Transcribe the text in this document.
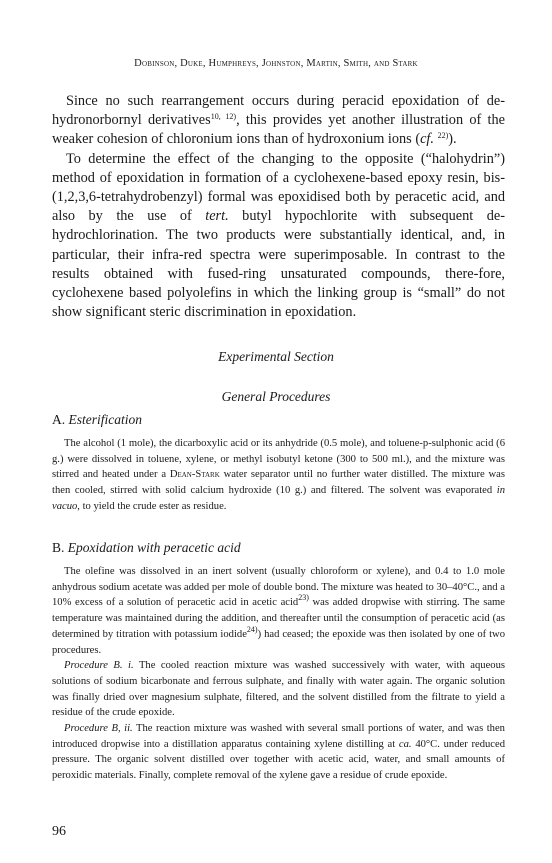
Dobinson, Duke, Humphreys, Johnston, Martin, Smith, and Stark

Since no such rearrangement occurs during peracid epoxidation of de-hydronorbornyl derivatives$^{10, 12)}$, this provides yet another illustration of the weaker cohesion of chloronium ions than of hydroxonium ions (cf. $^{22)}$).

To determine the effect of the changing to the opposite (“halohydrin”) method of epoxidation in formation of a cyclohexene-based epoxy resin, bis-(1,2,3,6-tetrahydrobenzyl) formal was epoxidised both by peracetic acid, and also by the use of tert. butyl hypochlorite with subsequent de-hydrochlorination. The two products were substantially identical, and, in particular, their infra-red spectra were superimposable. In contrast to the results obtained with fused-ring unsaturated compounds, there-fore, cyclohexene based polyolefins in which the linking group is “small” do not show significant steric discrimination in epoxidation.

Experimental Section
General Procedures
A. Esterification

The alcohol (1 mole), the dicarboxylic acid or its anhydride (0.5 mole), and toluene-p-sulphonic acid (6 g.) were dissolved in toluene, xylene, or methyl isobutyl ketone (300 to 500 ml.), and the mixture was stirred and heated under a Dean-Stark water separator until no further water distilled. The mixture was then cooled, stirred with solid calcium hydroxide (10 g.) and filtered. The solvent was evaporated in vacuo, to yield the crude ester as residue.

B. Epoxidation with peracetic acid

The olefine was dissolved in an inert solvent (usually chloroform or xylene), and 0.4 to 1.0 mole anhydrous sodium acetate was added per mole of double bond. The mixture was heated to 30–40°C., and a 10% excess of a solution of peracetic acid in acetic acid$^{23)}$ was added dropwise with stirring. The same temperature was maintained during the addition, and thereafter until the consumption of peracetic acid (as determined by titration with potassium iodide$^{24)}$) had ceased; the epoxide was then isolated by one of two procedures.

Procedure B. i. The cooled reaction mixture was washed successively with water, with aqueous solutions of sodium bicarbonate and ferrous sulphate, and finally with water again. The organic solution was finally dried over magnesium sulphate, filtered, and the solvent distilled from the filtrate to yield a residue of the crude epoxide.

Procedure B, ii. The reaction mixture was washed with several small portions of water, and was then introduced dropwise into a distillation apparatus containing xylene distilling at ca. 40°C. under reduced pressure. The organic solvent distilled over together with acetic acid, water, and small amounts of peroxidic materials. Finally, complete removal of the xylene gave a residue of crude epoxide.

96
